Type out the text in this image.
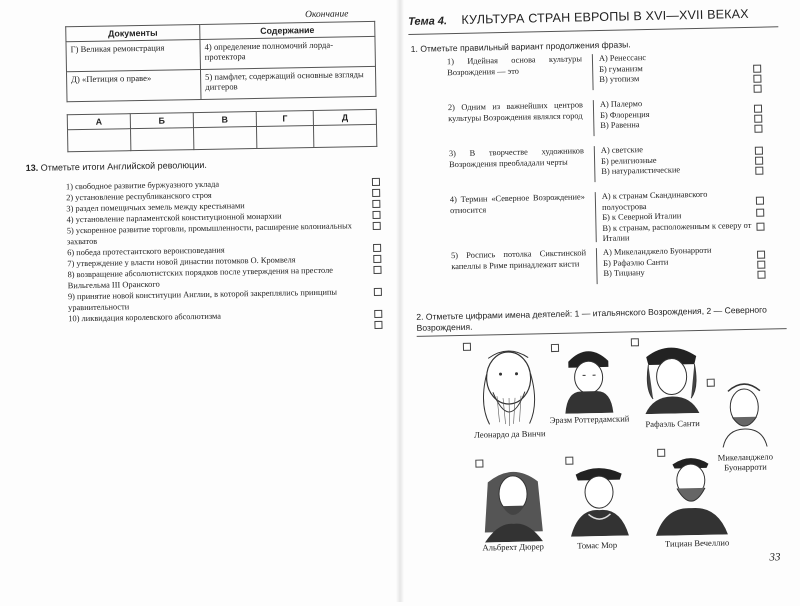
Окончание
Документы	Содержание
Г) Великая ремонстрация	4) определение полномочий лорда-протектора
Д) «Петиция о праве»	5) памфлет, содержащий основные взгляды диггеров
А	Б	В	Г	Д

13. Отметьте итоги Английской революции.
1) свободное развитие буржуазного уклада
2) установление республиканского строя
3) раздел помещичьих земель между крестьянами
4) установление парламентской конституционной монархии
5) ускоренное развитие торговли, промышленности, расширение колониальных захватов
6) победа протестантского вероисповедания
7) утверждение у власти новой династии потомков О. Кромвеля
8) возвращение абсолютистских порядков после утверждения на престоле Вильгельма III Оранского
9) принятие новой конституции Англии, в которой закреплялись принципы уравнительности
10) ликвидация королевского абсолютизма
Тема 4. КУЛЬТУРА СТРАН ЕВРОПЫ В XVI—XVII ВЕКАХ
1. Отметьте правильный вариант продолжения фразы.
1) Идейная основа культуры Возрождения — это
А) Ренессанс
Б) гуманизм
В) утопизм
2) Одним из важнейших центров культуры Возрождения являлся город
А) Палермо
Б) Флоренция
В) Равенна
3) В творчестве художников Возрождения преобладали черты
А) светские
Б) религиозные
В) натуралистические
4) Термин «Северное Возрождение» относится
А) к странам Скандинавского полуострова
Б) к Северной Италии
В) к странам, расположенным к северу от Италии
5) Роспись потолка Сикстинской капеллы в Риме принадлежит кисти
А) Микеланджело Буонарроти
Б) Рафаэлю Санти
В) Тициану
2. Отметьте цифрами имена деятелей: 1 — итальянского Возрождения, 2 — Северного Возрождения.
Леонардо да Винчи
Эразм Роттердамский	Рафаэль Санти
Микеланджело Буонарроти
Альбрехт Дюрер	Томас Мор	Тициан Вечеллио
33
